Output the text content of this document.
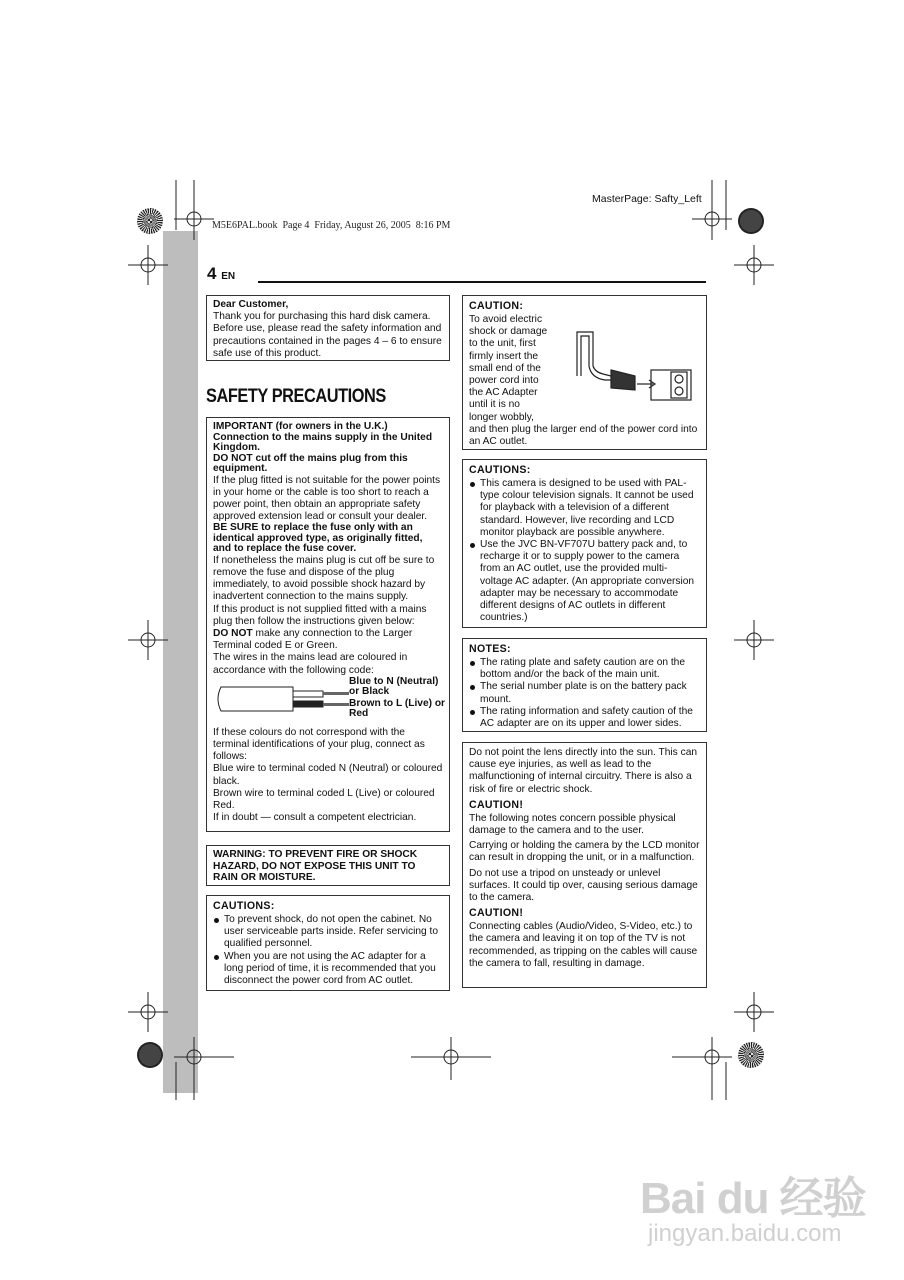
MasterPage: Safty_Left
M5E6PAL.book  Page 4  Friday, August 26, 2005  8:16 PM
4 EN

Dear Customer,

Thank you for purchasing this hard disk camera. Before use, please read the safety information and precautions contained in the pages 4 – 6 to ensure safe use of this product.

SAFETY PRECAUTIONS

IMPORTANT (for owners in the U.K.)

Connection to the mains supply in the United Kingdom.

DO NOT cut off the mains plug from this equipment.

If the plug fitted is not suitable for the power points in your home or the cable is too short to reach a power point, then obtain an appropriate safety approved extension lead or consult your dealer.

BE SURE to replace the fuse only with an identical approved type, as originally fitted, and to replace the fuse cover.

If nonetheless the mains plug is cut off be sure to remove the fuse and dispose of the plug immediately, to avoid possible shock hazard by inadvertent connection to the mains supply.

If this product is not supplied fitted with a mains plug then follow the instructions given below:

DO NOT make any connection to the Larger Terminal coded E or Green.

The wires in the mains lead are coloured in accordance with the following code:

Blue to N (Neutral) or Black
Brown to L (Live) or Red

If these colours do not correspond with the terminal identifications of your plug, connect as follows:

Blue wire to terminal coded N (Neutral) or coloured black.

Brown wire to terminal coded L (Live) or coloured Red.

If in doubt — consult a competent electrician.

WARNING: TO PREVENT FIRE OR SHOCK HAZARD, DO NOT EXPOSE THIS UNIT TO RAIN OR MOISTURE.

CAUTIONS:

To prevent shock, do not open the cabinet. No user serviceable parts inside. Refer servicing to qualified personnel.
When you are not using the AC adapter for a long period of time, it is recommended that you disconnect the power cord from AC outlet.

CAUTION:

To avoid electric

shock or damage

to the unit, first

firmly insert the

small end of the

power cord into

the AC Adapter

until it is no

longer wobbly,

and then plug the larger end of the power cord into an AC outlet.

CAUTIONS:

This camera is designed to be used with PAL-type colour television signals. It cannot be used for playback with a television of a different standard. However, live recording and LCD monitor playback are possible anywhere.
Use the JVC BN-VF707U battery pack and, to recharge it or to supply power to the camera from an AC outlet, use the provided multi-voltage AC adapter. (An appropriate conversion adapter may be necessary to accommodate different designs of AC outlets in different countries.)

NOTES:

The rating plate and safety caution are on the bottom and/or the back of the main unit.
The serial number plate is on the battery pack mount.
The rating information and safety caution of the AC adapter are on its upper and lower sides.

Do not point the lens directly into the sun. This can cause eye injuries, as well as lead to the malfunctioning of internal circuitry. There is also a risk of fire or electric shock.

CAUTION!

The following notes concern possible physical damage to the camera and to the user.

Carrying or holding the camera by the LCD monitor can result in dropping the unit, or in a malfunction.

Do not use a tripod on unsteady or unlevel surfaces. It could tip over, causing serious damage to the camera.

CAUTION!

Connecting cables (Audio/Video, S-Video, etc.) to the camera and leaving it on top of the TV is not recommended, as tripping on the cables will cause the camera to fall, resulting in damage.

Bai du 经验
jingyan.baidu.com
